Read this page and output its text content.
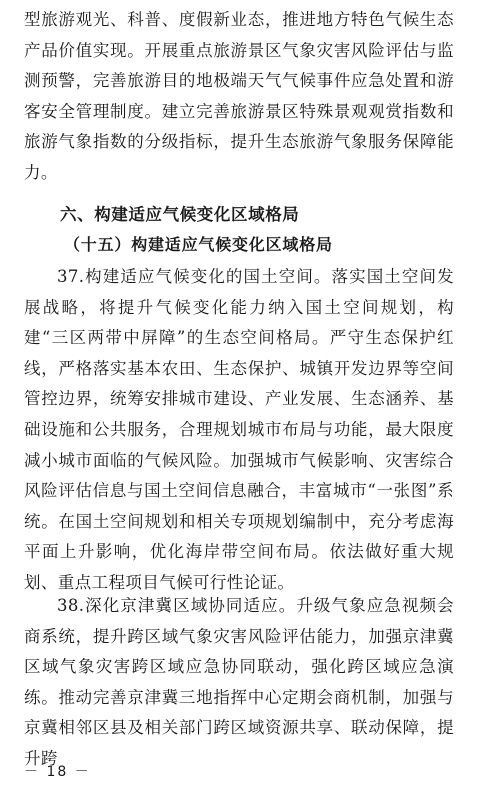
型旅游观光、科普、度假新业态，推进地方特色气候生态产品价值实现。开展重点旅游景区气象灾害风险评估与监测预警，完善旅游目的地极端天气气候事件应急处置和游客安全管理制度。建立完善旅游景区特殊景观观赏指数和旅游气象指数的分级指标，提升生态旅游气象服务保障能力。

六、构建适应气候变化区域格局
（十五）构建适应气候变化区域格局

37.构建适应气候变化的国土空间。落实国土空间发展战略，将提升气候变化能力纳入国土空间规划，构建“三区两带中屏障”的生态空间格局。严守生态保护红线，严格落实基本农田、生态保护、城镇开发边界等空间管控边界，统筹安排城市建设、产业发展、生态涵养、基础设施和公共服务，合理规划城市布局与功能，最大限度减小城市面临的气候风险。加强城市气候影响、灾害综合风险评估信息与国土空间信息融合，丰富城市“一张图”系统。在国土空间规划和相关专项规划编制中，充分考虑海平面上升影响，优化海岸带空间布局。依法做好重大规划、重点工程项目气候可行性论证。

38.深化京津冀区域协同适应。升级气象应急视频会商系统，提升跨区域气象灾害风险评估能力，加强京津冀区域气象灾害跨区域应急协同联动，强化跨区域应急演练。推动完善京津冀三地指挥中心定期会商机制，加强与京冀相邻区县及相关部门跨区域资源共享、联动保障，提升跨

－ 18 －
